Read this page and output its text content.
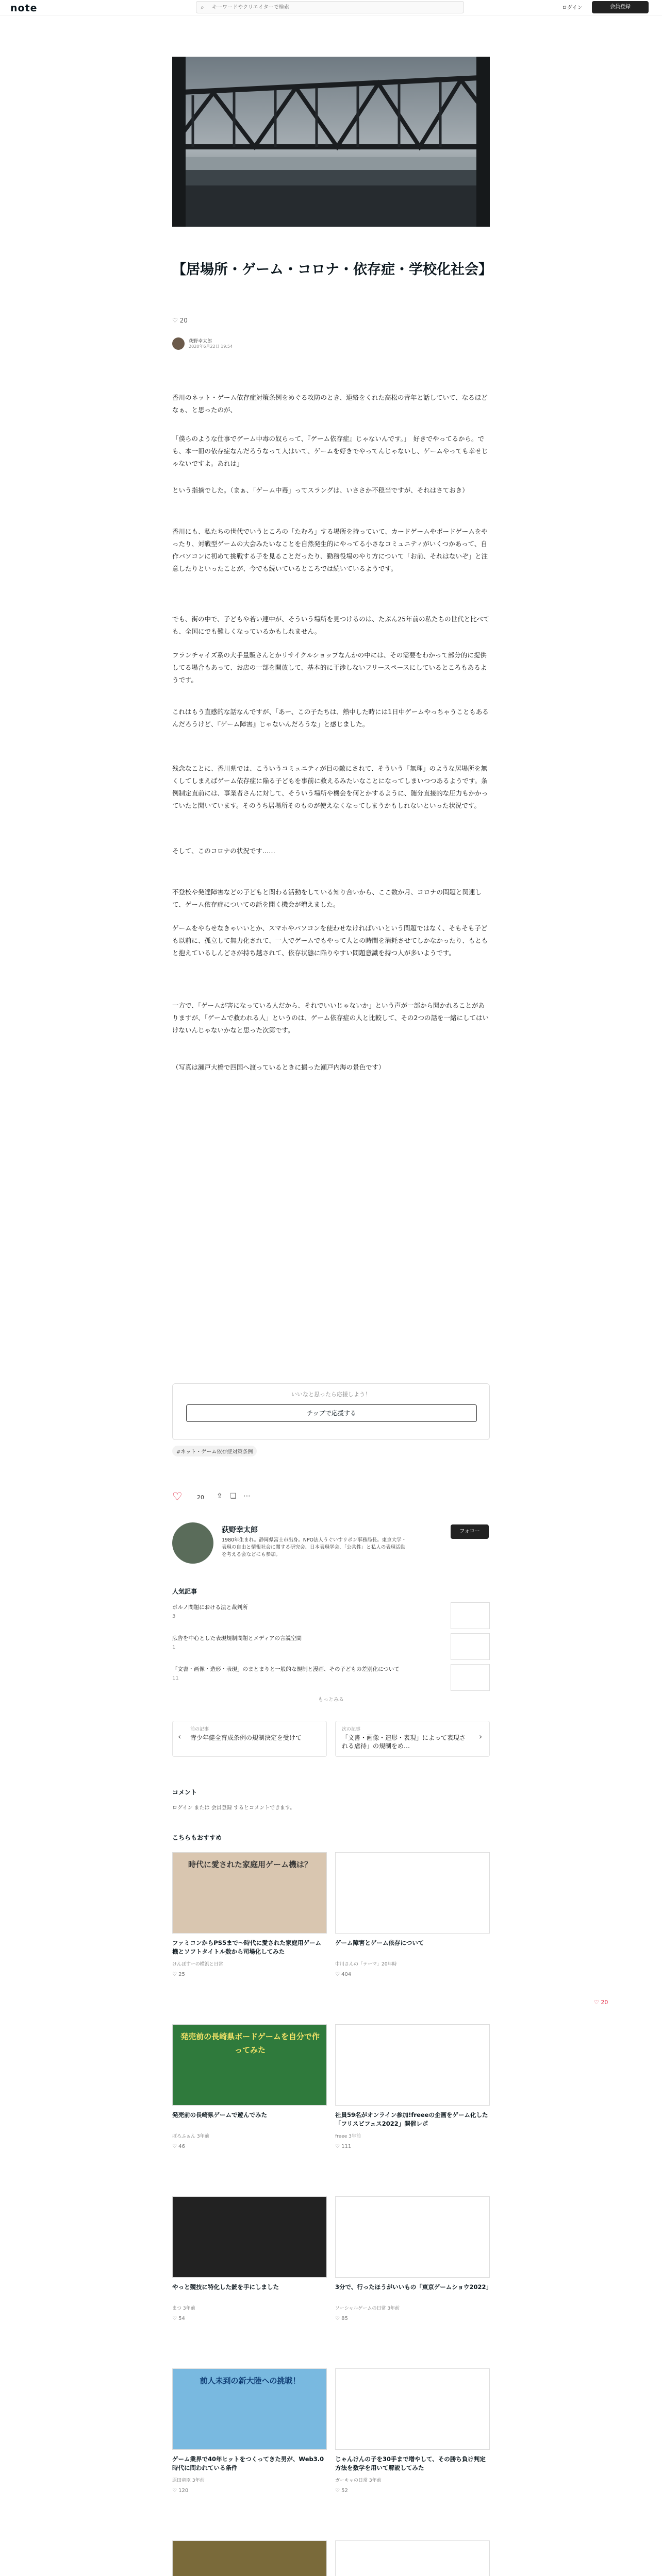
note	⌕
キーワードやクリエイターで検索	ログイン	会員登録
【居場所・ゲーム・コロナ・依存症・学校化社会】
♡ 20
荻野幸太郎
2020年6月22日 19:54
香川のネット・ゲーム依存症対策条例をめぐる攻防のとき、連絡をくれた高松の青年と話していて、なるほどなぁ、と思ったのが、
「僕らのような仕事でゲーム中毒の奴らって、『ゲーム依存症』じゃないんです。」　好きでやってるから。でも、本一冊の依存症なんだろうなって人はいて、ゲームを好きでやってんじゃないし、ゲームやっても幸せじゃないですよ。あれは」
という指摘でした。（まぁ、「ゲーム中毒」ってスラングは、いささか不穏当ですが、それはさておき）
香川にも、私たちの世代でいうところの「たむろ」する場所を持っていて、カードゲームやボードゲームをやったり、対戦型ゲームの大会みたいなことを自然発生的にやってる小さなコミュニティがいくつかあって、自作パソコンに初めて挑戦する子を見ることだったり、勤務役場のやり方について「お前、それはないぞ」と注意したりといったことが、今でも続いているところでは続いているようです。
でも、街の中で、子どもや若い連中が、そういう場所を見つけるのは、たぶん25年前の私たちの世代と比べても、全国にでも難しくなっているかもしれません。
フランチャイズ系の大手量販さんとかリサイクルショップなんかの中には、その需要をわかって部分的に提供してる場合もあって、お店の一部を開放して、基本的に干渉しないフリースペースにしているところもあるようです。
これはもう直感的な話なんですが、「あー、この子たちは、熱中した時には1日中ゲームやっちゃうこともあるんだろうけど、『ゲーム障害』じゃないんだろうな」と感じました。
残念なことに、香川県では、こういうコミュニティが目の敵にされて、そういう「無理」のような居場所を無くしてしまえばゲーム依存症に陥る子どもを事前に救えるみたいなことになってしまいつつあるようです。条例制定直前には、事業者さんに対して、そういう場所や機会を何とかするように、随分直接的な圧力もかかっていたと聞いています。そのうち居場所そのものが使えなくなってしまうかもしれないといった状況です。
そして、このコロナの状況です……
不登校や発達障害などの子どもと関わる活動をしている知り合いから、ここ数か月、コロナの問題と関連して、ゲーム依存症についての話を聞く機会が増えました。
ゲームをやらせなきゃいいとか、スマホやパソコンを使わせなければいいという問題ではなく、そもそも子ども以前に、孤立して無力化されて、一人でゲームでもやって人との時間を消耗させてしかなかったり、もともと抱えているしんどさが持ち越されて、依存状態に陥りやすい問題意識を持つ人が多いようです。
一方で、「ゲームが害になっている人だから、それでいいじゃないか」という声が一部から聞かれることがありますが、「ゲームで救われる人」というのは、ゲーム依存症の人と比較して、その2つの話を一緒にしてはいけないんじゃないかなと思った次第です。
（写真は瀬戸大橋で四国へ渡っているときに撮った瀬戸内海の景色です）
いいなと思ったら応援しよう！
チップで応援する
#ネット・ゲーム依存症対策条例
♡	20 ⇪ ❏ ⋯
荻野幸太郎
1980年生まれ。静岡県富士市出身。NPO法人うぐいすリボン事務局長。東京大学・表現の自由と情報社会に関する研究会、日本表現学会、「公共性」と私人の表現活動を考える会などにも参加。
フォロー
人気記事
ボルノ問題における法と裁判所
3
広告を中心とした表現規制問題とメディアの言説空間
1
「文書・画像・造形・表現」のまとまりと一般的な規制と漫画、その子どもの差別化について
11
もっとみる
前の記事
青少年健全育成条例の規制決定を受けて
‹
次の記事
「文書・画像・造形・表現」によって表現される虐待」の規制をめ…
›
コメント
ログイン または 会員登録 するとコメントできます。
こちらもおすすめ
時代に愛された家庭用ゲーム機は？
ファミコンからPS5まで〜時代に愛された家庭用ゲーム機とソフトタイトル数から司場化してみた
けんぼすーの横浜と日常
♡ 25
ゲーム障害とゲーム依存について
中川さんの「テーマ」20年時
♡ 404
発売前の長崎県ボードゲームを自分で作ってみた
発売前の長崎県ゲームで遊んでみた
ぼろふぁん 3年前
♡ 46
社員59名がオンライン参加!freeeの企画をゲーム化した「フリスビフェス2022」開催レポ
freee 3年前
♡ 111
やっと競技に特化した銃を手にしました
まつ 3年前
♡ 54
3分で、行ったほうがいいもの「東京ゲームショウ2022」
ソーシャルゲームの日常 3年前
♡ 85
前人未到の新大陸への挑戦！
ゲーム業界で40年ヒットをつくってきた男が、Web3.0時代に問われている条件
原田竜臣 3年前
♡ 120
じゃんけんの子を30手まで増やして、その勝ち負け判定方法を数学を用いて解説してみた
ガーキャの日常 3年前
♡ 52
♡ 20
